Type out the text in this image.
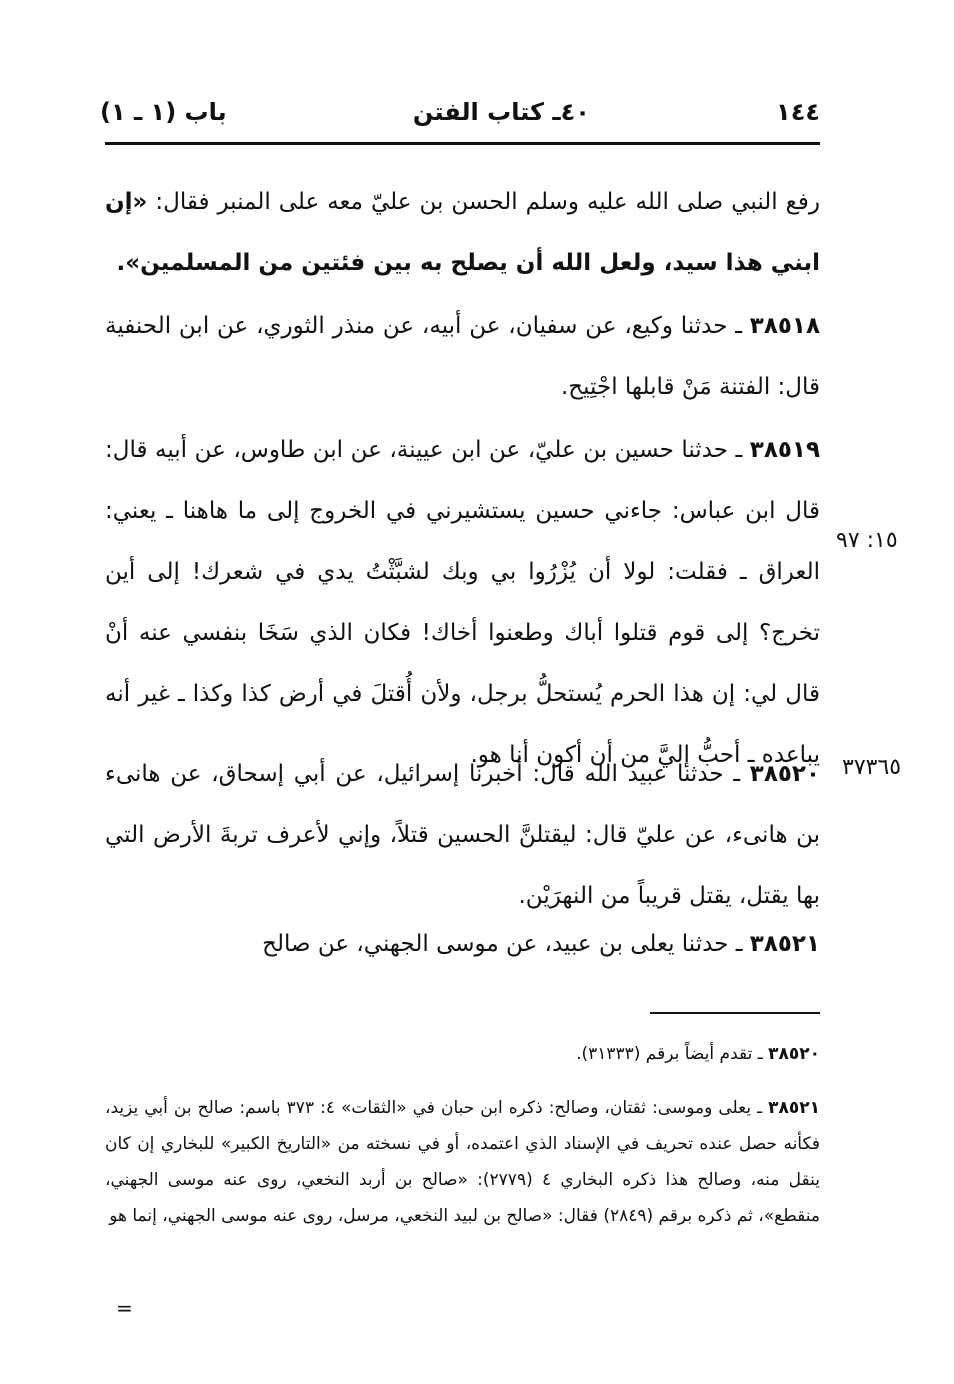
باب (١ ـ ١)	٤٠ـ كتاب الفتن	١٤٤
رفع النبي صلى الله عليه وسلم الحسن بن عليّ معه على المنبر فقال: «إن ابني هذا سيد، ولعل الله أن يصلح به بين فئتين من المسلمين».
٣٨٥١٨ ـ حدثنا وكيع، عن سفيان، عن أبيه، عن منذر الثوري، عن ابن الحنفية قال: الفتنة مَنْ قابلها اجْتِيح.
٣٨٥١٩ ـ حدثنا حسين بن عليّ، عن ابن عيينة، عن ابن طاوس، عن أبيه قال: قال ابن عباس: جاءني حسين يستشيرني في الخروج إلى ما هاهنا ـ يعني: العراق ـ فقلت: لولا أن يُزْرُوا بي وبك لشبَّثْتُ يدي في شعرك! إلى أين تخرج؟ إلى قوم قتلوا أباك وطعنوا أخاك! فكان الذي سَخَا بنفسي عنه أنْ قال لي: إن هذا الحرم يُستحلُّ برجل، ولأن أُقتلَ في أرض كذا وكذا ـ غير أنه يباعده ـ أحبُّ إليَّ من أن أكون أنا هو.
١٥: ٩٧
٣٨٥٢٠ ـ حدثنا عبيد الله قال: أخبرنا إسرائيل، عن أبي إسحاق، عن هانىء بن هانىء، عن عليّ قال: ليقتلنَّ الحسين قتلاً، وإني لأعرف تربةَ الأرض التي بها يقتل، يقتل قريباً من النهرَيْن.
٣٧٣٦٥
٣٨٥٢١ ـ حدثنا يعلى بن عبيد، عن موسى الجهني، عن صالح
٣٨٥٢٠ ـ تقدم أيضاً برقم (٣١٣٣٣).
٣٨٥٢١ ـ يعلى وموسى: ثقتان، وصالح: ذكره ابن حبان في «الثقات» ٤: ٣٧٣ باسم: صالح بن أبي يزيد، فكأنه حصل عنده تحريف في الإسناد الذي اعتمده، أو في نسخته من «التاريخ الكبير» للبخاري إن كان ينقل منه، وصالح هذا ذكره البخاري ٤ (٢٧٧٩): «صالح بن أربد النخعي، روى عنه موسى الجهني، منقطع»، ثم ذكره برقم (٢٨٤٩) فقال: «صالح بن لبيد النخعي، مرسل، روى عنه موسى الجهني، إنما هو
=
